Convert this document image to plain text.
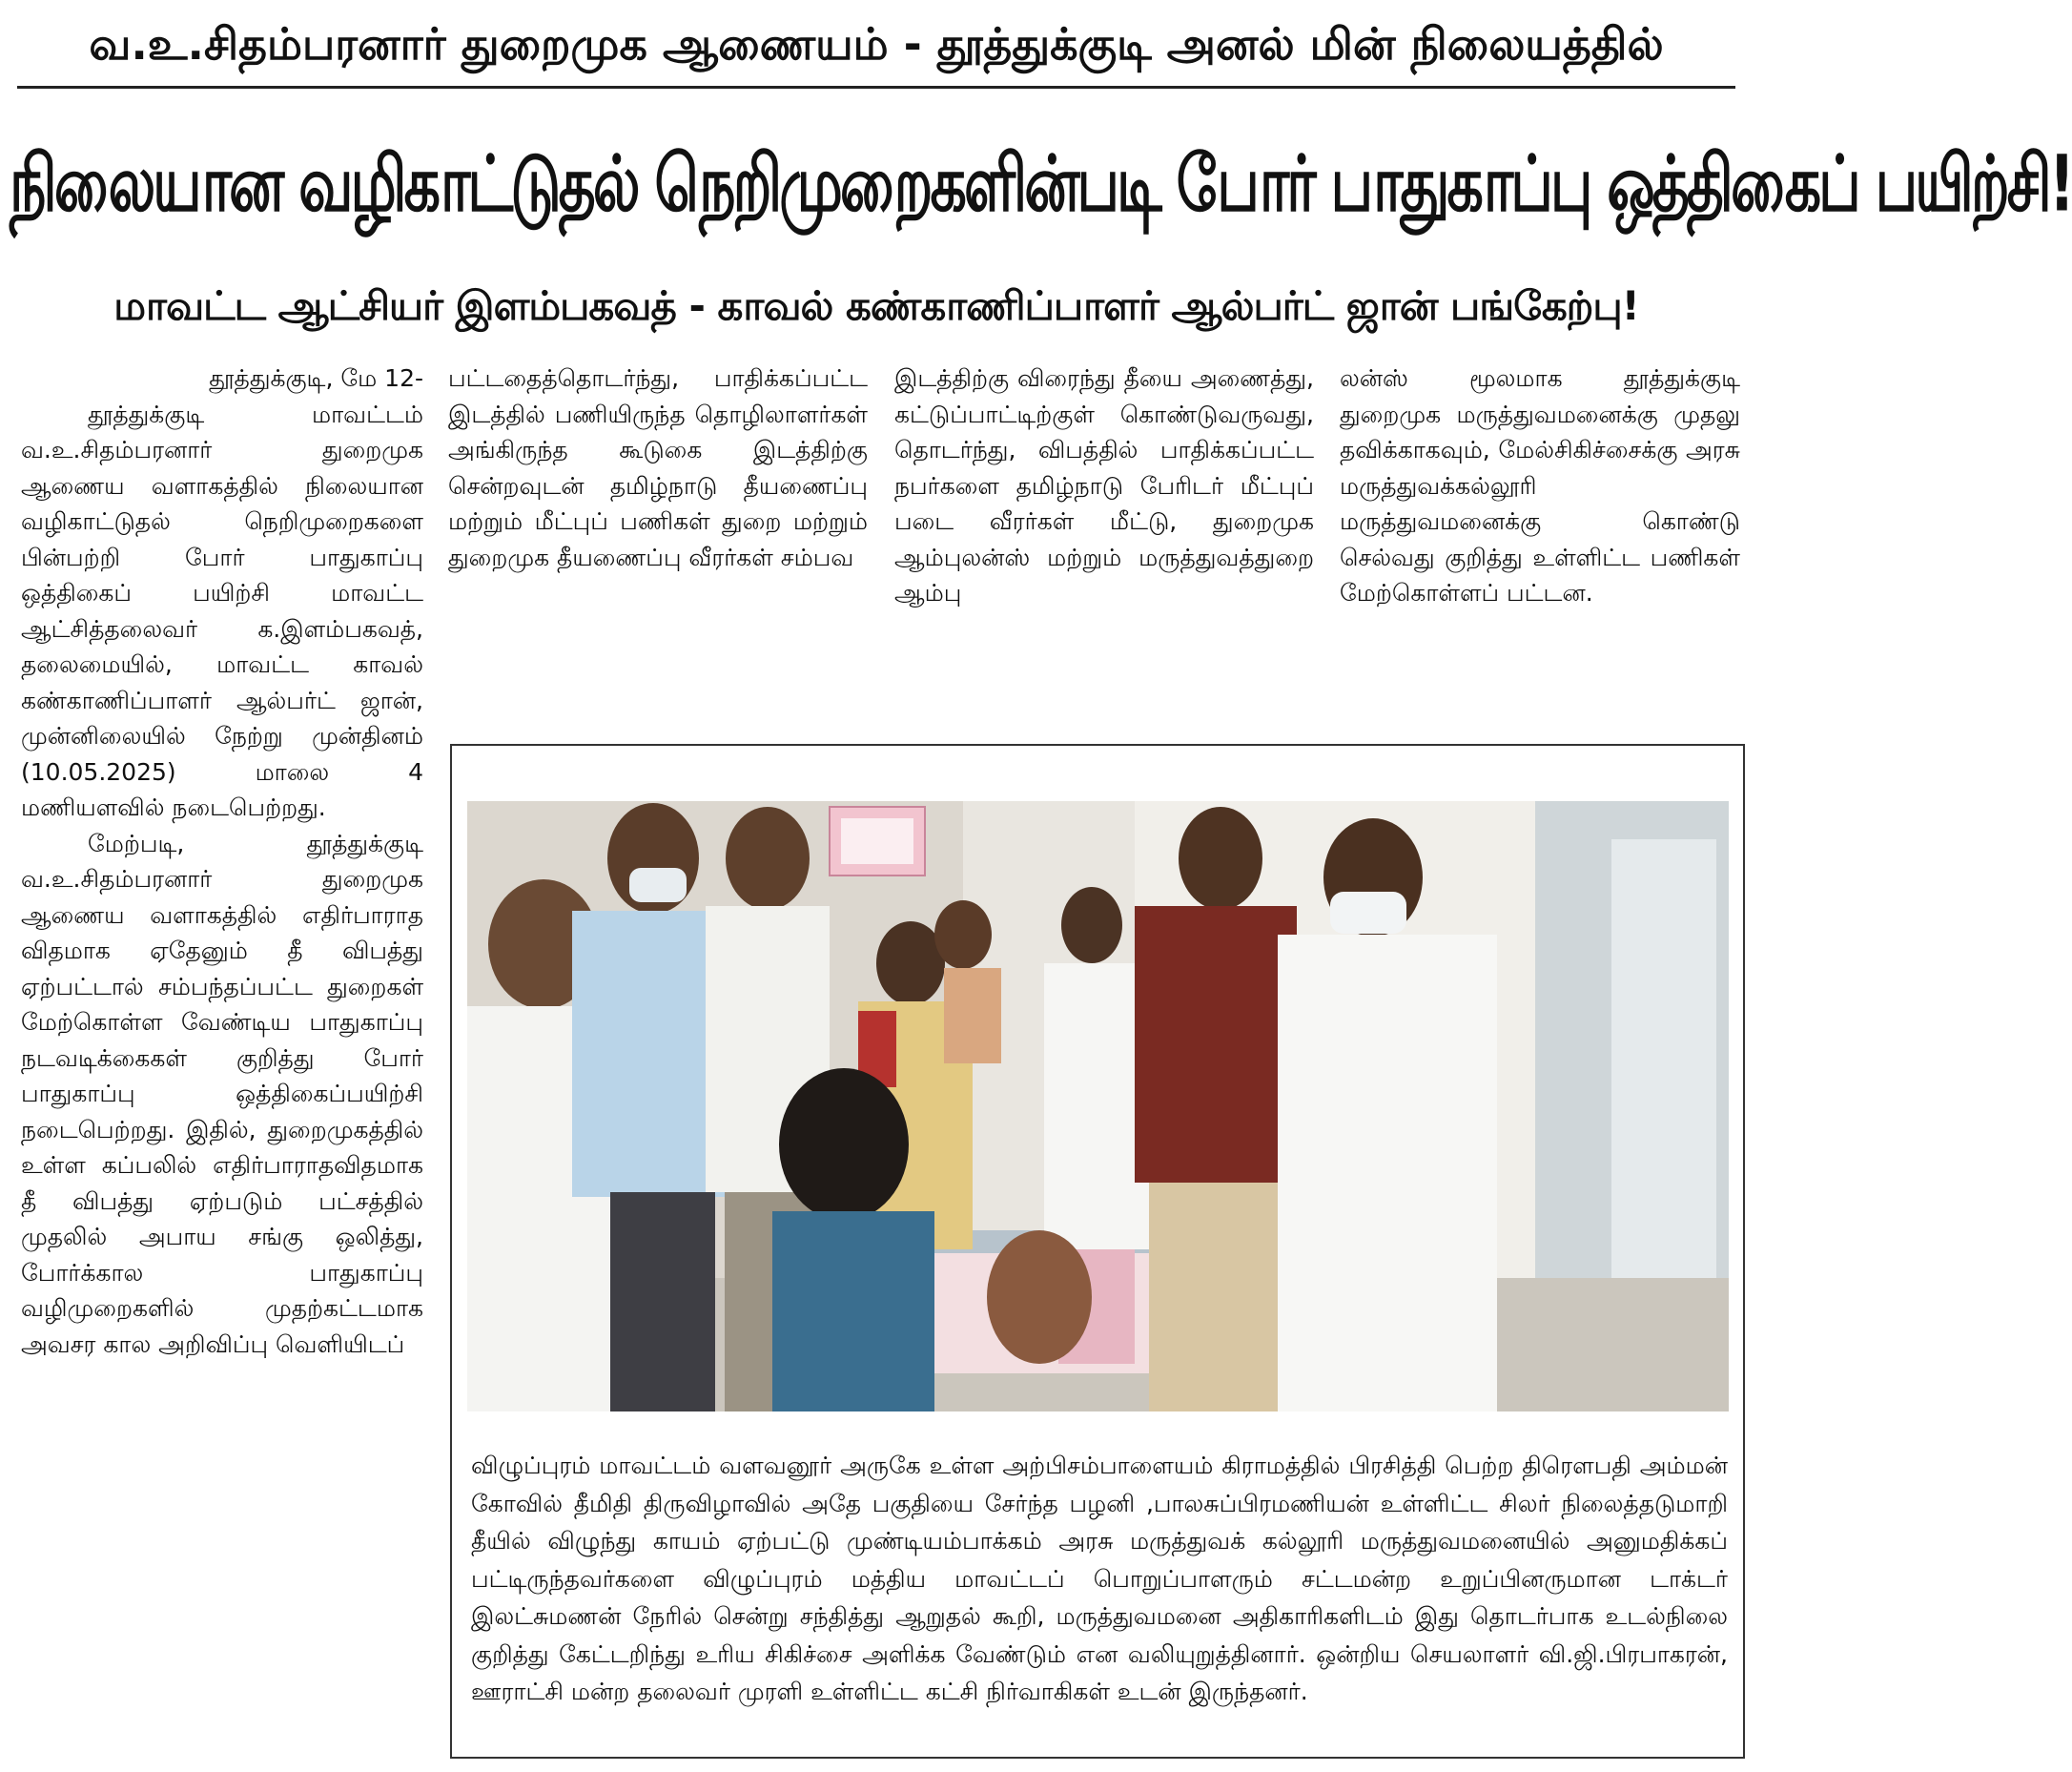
வ.உ.சிதம்பரனார் துறைமுக ஆணையம் - தூத்துக்குடி அனல் மின் நிலையத்தில்
நிலையான வழிகாட்டுதல் நெறிமுறைகளின்படி போர் பாதுகாப்பு ஒத்திகைப் பயிற்சி!
மாவட்ட ஆட்சியர் இளம்பகவத் - காவல் கண்காணிப்பாளர் ஆல்பர்ட் ஜான் பங்கேற்பு!

தூத்துக்குடி, மே 12-

தூத்துக்குடி மாவட்டம் வ.உ.சிதம்பரனார் துறைமுக ஆணைய வளாகத்தில் நிலையான வழிகாட்டுதல் நெறிமுறைகளை பின்பற்றி போர் பாதுகாப்பு ஒத்திகைப் பயிற்சி மாவட்ட ஆட்சித்தலைவர் க.இளம்பகவத், தலைமையில், மாவட்ட காவல் கண்காணிப்பாளர் ஆல்பர்ட் ஜான், முன்னிலையில் நேற்று முன்தினம் (10.05.2025) மாலை 4 மணியளவில் நடைபெற்றது.

மேற்படி, தூத்துக்குடி வ.உ.சிதம்பரனார் துறைமுக ஆணைய வளாகத்தில் எதிர்பாராத விதமாக ஏதேனும் தீ விபத்து ஏற்பட்டால் சம்பந்தப்பட்ட துறைகள் மேற்கொள்ள வேண்டிய பாதுகாப்பு நடவடிக்கைகள் குறித்து போர் பாதுகாப்பு ஒத்திகைப்பயிற்சி நடைபெற்றது. இதில், துறைமுகத்தில் உள்ள கப்பலில் எதிர்பாராதவிதமாக தீ விபத்து ஏற்படும் பட்சத்தில் முதலில் அபாய சங்கு ஒலித்து, போர்க்கால பாதுகாப்பு வழிமுறைகளில் முதற்கட்டமாக அவசர கால அறிவிப்பு வெளியிடப்

பட்டதைத்தொடர்ந்து, பாதிக்கப்பட்ட இடத்தில் பணியிருந்த தொழிலாளர்கள் அங்கிருந்த கூடுகை இடத்திற்கு சென்றவுடன் தமிழ்நாடு தீயணைப்பு மற்றும் மீட்புப் பணிகள் துறை மற்றும் துறைமுக தீயணைப்பு வீரர்கள் சம்பவ

இடத்திற்கு விரைந்து தீயை அணைத்து, கட்டுப்பாட்டிற்குள் கொண்டுவருவது, தொடர்ந்து, விபத்தில் பாதிக்கப்பட்ட நபர்களை தமிழ்நாடு பேரிடர் மீட்புப் படை வீரர்கள் மீட்டு, துறைமுக ஆம்புலன்ஸ் மற்றும் மருத்துவத்துறை ஆம்பு

லன்ஸ் மூலமாக தூத்துக்குடி துறைமுக மருத்துவமனைக்கு முதலு தவிக்காகவும், மேல்சிகிச்சைக்கு அரசு மருத்துவக்கல்லூரி மருத்துவமனைக்கு கொண்டு செல்வது குறித்து உள்ளிட்ட பணிகள் மேற்கொள்ளப் பட்டன.

விழுப்புரம் மாவட்டம் வளவனூர் அருகே உள்ள அற்பிசம்பாளையம் கிராமத்தில் பிரசித்தி பெற்ற திரௌபதி அம்மன் கோவில் தீமிதி திருவிழாவில் அதே பகுதியை சேர்ந்த பழனி ,பாலசுப்பிரமணியன் உள்ளிட்ட சிலர் நிலைத்தடுமாறி தீயில் விழுந்து காயம் ஏற்பட்டு முண்டியம்பாக்கம் அரசு மருத்துவக் கல்லூரி மருத்துவமனையில் அனுமதிக்கப் பட்டிருந்தவர்களை விழுப்புரம் மத்திய மாவட்டப் பொறுப்பாளரும் சட்டமன்ற உறுப்பினருமான டாக்டர் இலட்சுமணன் நேரில் சென்று சந்தித்து ஆறுதல் கூறி, மருத்துவமனை அதிகாரிகளிடம் இது தொடர்பாக உடல்நிலை குறித்து கேட்டறிந்து உரிய சிகிச்சை அளிக்க வேண்டும் என வலியுறுத்தினார். ஒன்றிய செயலாளர் வி.ஜி.பிரபாகரன், ஊராட்சி மன்ற தலைவர் முரளி உள்ளிட்ட கட்சி நிர்வாகிகள் உடன் இருந்தனர்.
